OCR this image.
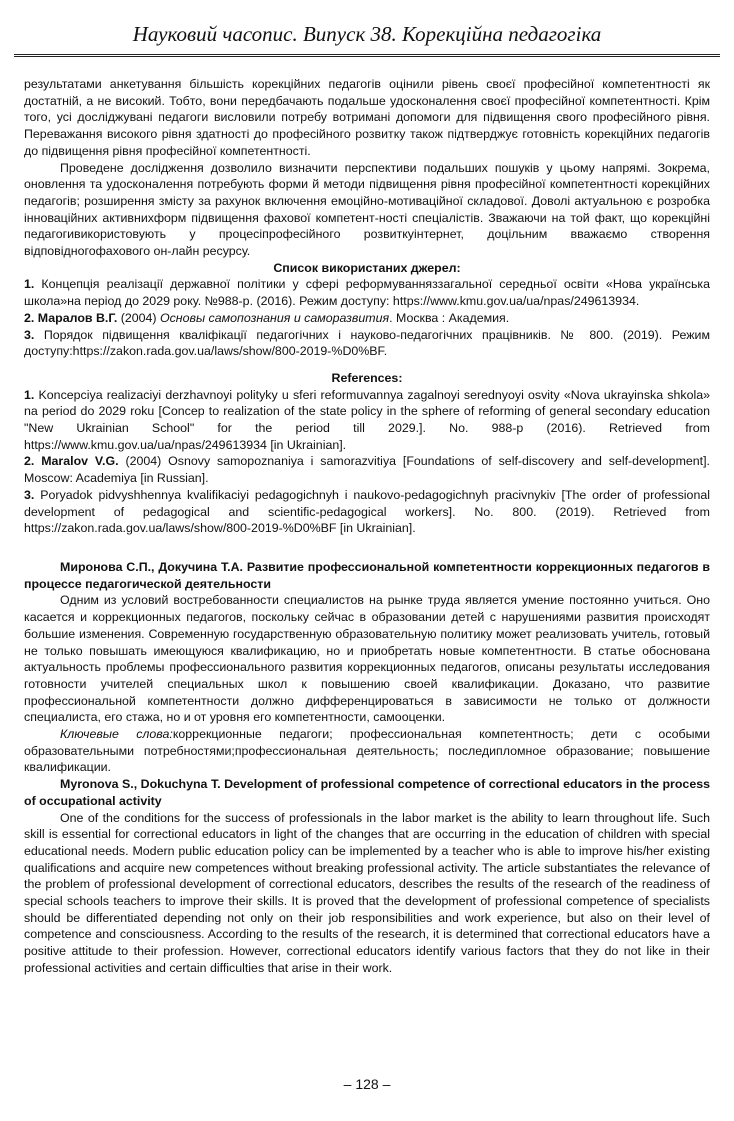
Науковий часопис. Випуск 38. Корекційна педагогіка

результатами анкетування більшість корекційних педагогів оцінили рівень своєї професійної компетентності як достатній, а не високий. Тобто, вони передбачають подальше удосконалення своєї професійної компетентності. Крім того, усі досліджувані педагоги висловили потребу вотримані допомоги для підвищення свого професійного рівня. Переважання високого рівня здатності до професійного розвитку також підтверджує готовність корекційних педагогів до підвищення рівня професійної компетентності.

Проведене дослідження дозволило визначити перспективи подальших пошуків у цьому напрямі. Зокрема, оновлення та удосконалення потребують форми й методи підвищення рівня професійної компетентності корекційних педагогів; розширення змісту за рахунок включення емоційно-мотиваційної складової. Доволі актуальною є розробка інноваційних активнихформ підвищення фахової компетент-ності спеціалістів. Зважаючи на той факт, що корекційні педагогивикористовують у процесіпрофесійного розвиткуінтернет, доцільним вважаємо створення відповідногофахового он-лайн ресурсу.

Список використаних джерел:

1. Концепція реалізації державної політики у сфері реформуванняззагальної середньої освіти «Нова українська школа»на період до 2029 року. №988-р. (2016). Режим доступу: https://www.kmu.gov.ua/ua/npas/249613934.

2. Маралов В.Г. (2004) Основы самопознания и саморазвития. Москва : Академия.

3. Порядок підвищення кваліфікації педагогічних і науково-педагогічних працівників. № 800. (2019). Режим доступу:https://zakon.rada.gov.ua/laws/show/800-2019-%D0%BF.

References:

1. Koncepciya realizaciyi derzhavnoyi polityky u sferi reformuvannya zagalnoyi serednyoyi osvity «Nova ukrayinska shkola» na period do 2029 roku [Concep to realization of the state policy in the sphere of reforming of general secondary education "New Ukrainian School" for the period till 2029.]. No. 988-p (2016). Retrieved from https://www.kmu.gov.ua/ua/npas/249613934 [in Ukrainian].

2. Maralov V.G. (2004) Osnovy samopoznaniya i samorazvitiya [Foundations of self-discovery and self-development]. Moscow: Academiya [in Russian].

3. Poryadok pidvyshhennya kvalifikaciyi pedagogichnyh i naukovo-pedagogichnyh pracivnykiv [The order of professional development of pedagogical and scientific-pedagogical workers]. No. 800. (2019). Retrieved from https://zakon.rada.gov.ua/laws/show/800-2019-%D0%BF [in Ukrainian].

Миронова С.П., Докучина Т.А. Развитие профессиональной компетентности коррекционных педагогов в процессе педагогической деятельности

Одним из условий востребованности специалистов на рынке труда является умение постоянно учиться. Оно касается и коррекционных педагогов, поскольку сейчас в образовании детей с нарушениями развития происходят большие изменения. Современную государственную образовательную политику может реализовать учитель, готовый не только повышать имеющуюся квалификацию, но и приобретать новые компетентности. В статье обоснована актуальность проблемы профессионального развития коррекционных педагогов, описаны результаты исследования готовности учителей специальных школ к повышению своей квалификации. Доказано, что развитие профессиональной компетентности должно дифференцироваться в зависимости не только от должности специалиста, его стажа, но и от уровня его компетентности, самооценки.

Ключевые слова:коррекционные педагоги; профессиональная компетентность; дети с особыми образовательными потребностями;профессиональная деятельность; последипломное образование; повышение квалификации.

Myronova S., Dokuchyna T. Development of professional competence of correctional educators in the process of occupational activity

One of the conditions for the success of professionals in the labor market is the ability to learn throughout life. Such skill is essential for correctional educators in light of the changes that are occurring in the education of children with special educational needs. Modern public education policy can be implemented by a teacher who is able to improve his/her existing qualifications and acquire new competences without breaking professional activity. The article substantiates the relevance of the problem of professional development of correctional educators, describes the results of the research of the readiness of special schools teachers to improve their skills. It is proved that the development of professional competence of specialists should be differentiated depending not only on their job responsibilities and work experience, but also on their level of competence and consciousness. According to the results of the research, it is determined that correctional educators have a positive attitude to their profession. However, correctional educators identify various factors that they do not like in their professional activities and certain difficulties that arise in their work.

– 128 –
